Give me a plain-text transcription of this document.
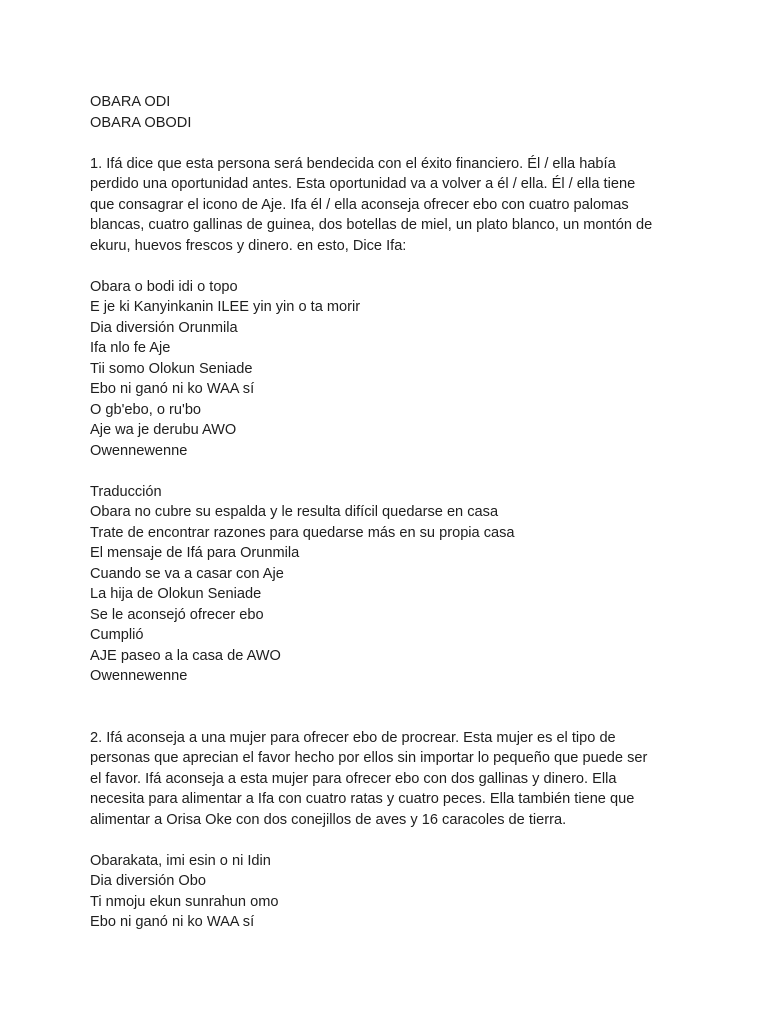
OBARA ODI
OBARA OBODI
1. Ifá dice que esta persona será bendecida con el éxito financiero. Él / ella había
perdido una oportunidad antes. Esta oportunidad va a volver a él / ella. Él / ella tiene
que consagrar el icono de Aje. Ifa él / ella aconseja ofrecer ebo con cuatro palomas
blancas, cuatro gallinas de guinea, dos botellas de miel, un plato blanco, un montón de
ekuru, huevos frescos y dinero. en esto, Dice Ifa:
Obara o bodi idi o topo
E je ki Kanyinkanin ILEE yin yin o ta morir
Dia diversión Orunmila
Ifa nlo fe Aje
Tii somo Olokun Seniade
Ebo ni ganó ni ko WAA sí
O gb'ebo, o ru'bo
Aje wa je derubu AWO
Owennewenne
Traducción
Obara no cubre su espalda y le resulta difícil quedarse en casa
Trate de encontrar razones para quedarse más en su propia casa
El mensaje de Ifá para Orunmila
Cuando se va a casar con Aje
La hija de Olokun Seniade
Se le aconsejó ofrecer ebo
Cumplió
AJE paseo a la casa de AWO
Owennewenne
2. Ifá aconseja a una mujer para ofrecer ebo de procrear. Esta mujer es el tipo de
personas que aprecian el favor hecho por ellos sin importar lo pequeño que puede ser
el favor. Ifá aconseja a esta mujer para ofrecer ebo con dos gallinas y dinero. Ella
necesita para alimentar a Ifa con cuatro ratas y cuatro peces. Ella también tiene que
alimentar a Orisa Oke con dos conejillos de aves y 16 caracoles de tierra.
Obarakata, imi esin o ni Idin
Dia diversión Obo
Ti nmoju ekun sunrahun omo
Ebo ni ganó ni ko WAA sí
